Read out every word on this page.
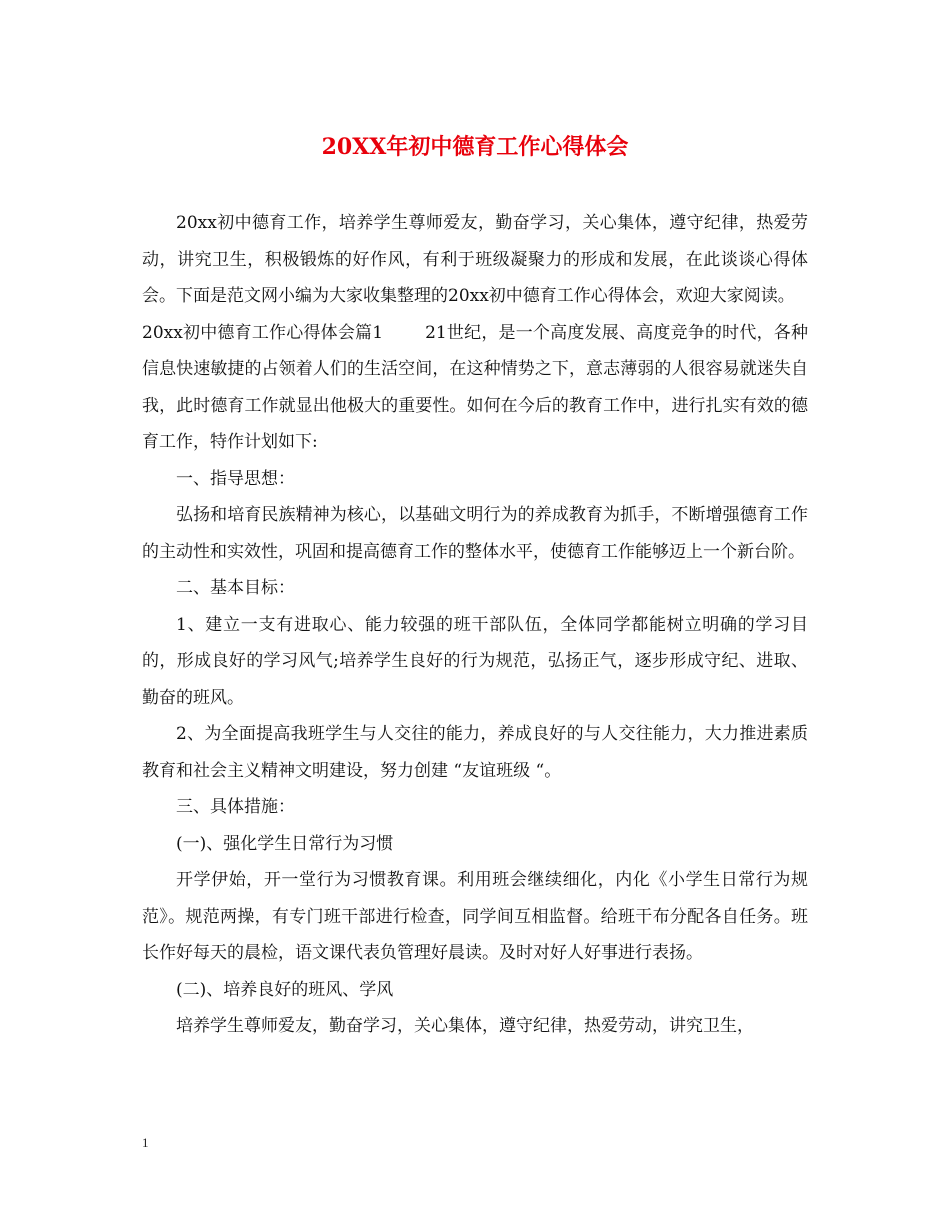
20XX年初中德育工作心得体会

20xx初中德育工作，培养学生尊师爱友，勤奋学习，关心集体，遵守纪律，热爱劳动，讲究卫生，积极锻炼的好作风，有利于班级凝聚力的形成和发展，在此谈谈心得体会。下面是范文网小编为大家收集整理的20xx初中德育工作心得体会，欢迎大家阅读。

20xx初中德育工作心得体会篇1 21世纪，是一个高度发展、高度竞争的时代，各种信息快速敏捷的占领着人们的生活空间，在这种情势之下，意志薄弱的人很容易就迷失自我，此时德育工作就显出他极大的重要性。如何在今后的教育工作中，进行扎实有效的德育工作，特作计划如下:

一、指导思想：

弘扬和培育民族精神为核心，以基础文明行为的养成教育为抓手，不断增强德育工作的主动性和实效性，巩固和提高德育工作的整体水平，使德育工作能够迈上一个新台阶。

二、基本目标：

1、建立一支有进取心、能力较强的班干部队伍，全体同学都能树立明确的学习目的，形成良好的学习风气;培养学生良好的行为规范，弘扬正气，逐步形成守纪、进取、勤奋的班风。

2、为全面提高我班学生与人交往的能力，养成良好的与人交往能力，大力推进素质教育和社会主义精神文明建设，努力创建 “友谊班级 “。

三、具体措施：

(一)、强化学生日常行为习惯

开学伊始，开一堂行为习惯教育课。利用班会继续细化，内化《小学生日常行为规范》。规范两操，有专门班干部进行检查，同学间互相监督。给班干布分配各自任务。班长作好每天的晨检，语文课代表负管理好晨读。及时对好人好事进行表扬。

(二)、培养良好的班风、学风

培养学生尊师爱友，勤奋学习，关心集体，遵守纪律，热爱劳动，讲究卫生，

1
